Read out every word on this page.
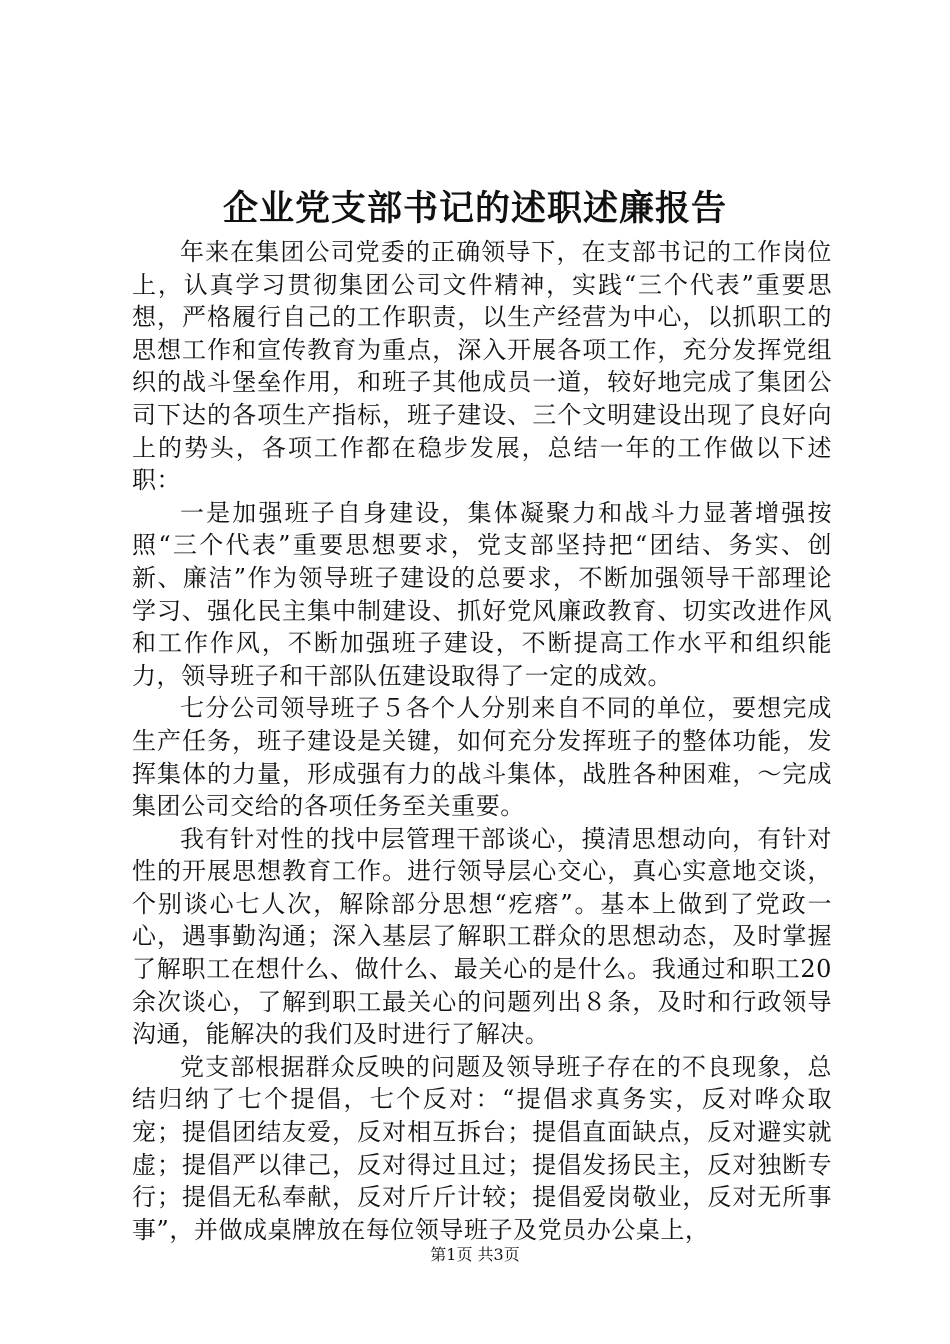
企业党支部书记的述职述廉报告

年来在集团公司党委的正确领导下，在支部书记的工作岗位上，认真学习贯彻集团公司文件精神，实践“三个代表”重要思想，严格履行自己的工作职责，以生产经营为中心，以抓职工的思想工作和宣传教育为重点，深入开展各项工作，充分发挥党组织的战斗堡垒作用，和班子其他成员一道，较好地完成了集团公司下达的各项生产指标，班子建设、三个文明建设出现了良好向上的势头，各项工作都在稳步发展，总结一年的工作做以下述职：

一是加强班子自身建设，集体凝聚力和战斗力显著增强按照“三个代表”重要思想要求，党支部坚持把“团结、务实、创新、廉洁”作为领导班子建设的总要求，不断加强领导干部理论学习、强化民主集中制建设、抓好党风廉政教育、切实改进作风和工作作风，不断加强班子建设，不断提高工作水平和组织能力，领导班子和干部队伍建设取得了一定的成效。

七分公司领导班子５各个人分别来自不同的单位，要想完成生产任务，班子建设是关键，如何充分发挥班子的整体功能，发挥集体的力量，形成强有力的战斗集体，战胜各种困难，～完成集团公司交给的各项任务至关重要。

我有针对性的找中层管理干部谈心，摸清思想动向，有针对性的开展思想教育工作。进行领导层心交心，真心实意地交谈，个别谈心七人次，解除部分思想“疙瘩”。基本上做到了党政一心，遇事勤沟通；深入基层了解职工群众的思想动态，及时掌握了解职工在想什么、做什么、最关心的是什么。我通过和职工20余次谈心，了解到职工最关心的问题列出８条，及时和行政领导沟通，能解决的我们及时进行了解决。

党支部根据群众反映的问题及领导班子存在的不良现象，总结归纳了七个提倡，七个反对：“提倡求真务实，反对哗众取宠；提倡团结友爱，反对相互拆台；提倡直面缺点，反对避实就虚；提倡严以律己，反对得过且过；提倡发扬民主，反对独断专行；提倡无私奉献，反对斤斤计较；提倡爱岗敬业，反对无所事事”，并做成桌牌放在每位领导班子及党员办公桌上，

第1页 共3页
